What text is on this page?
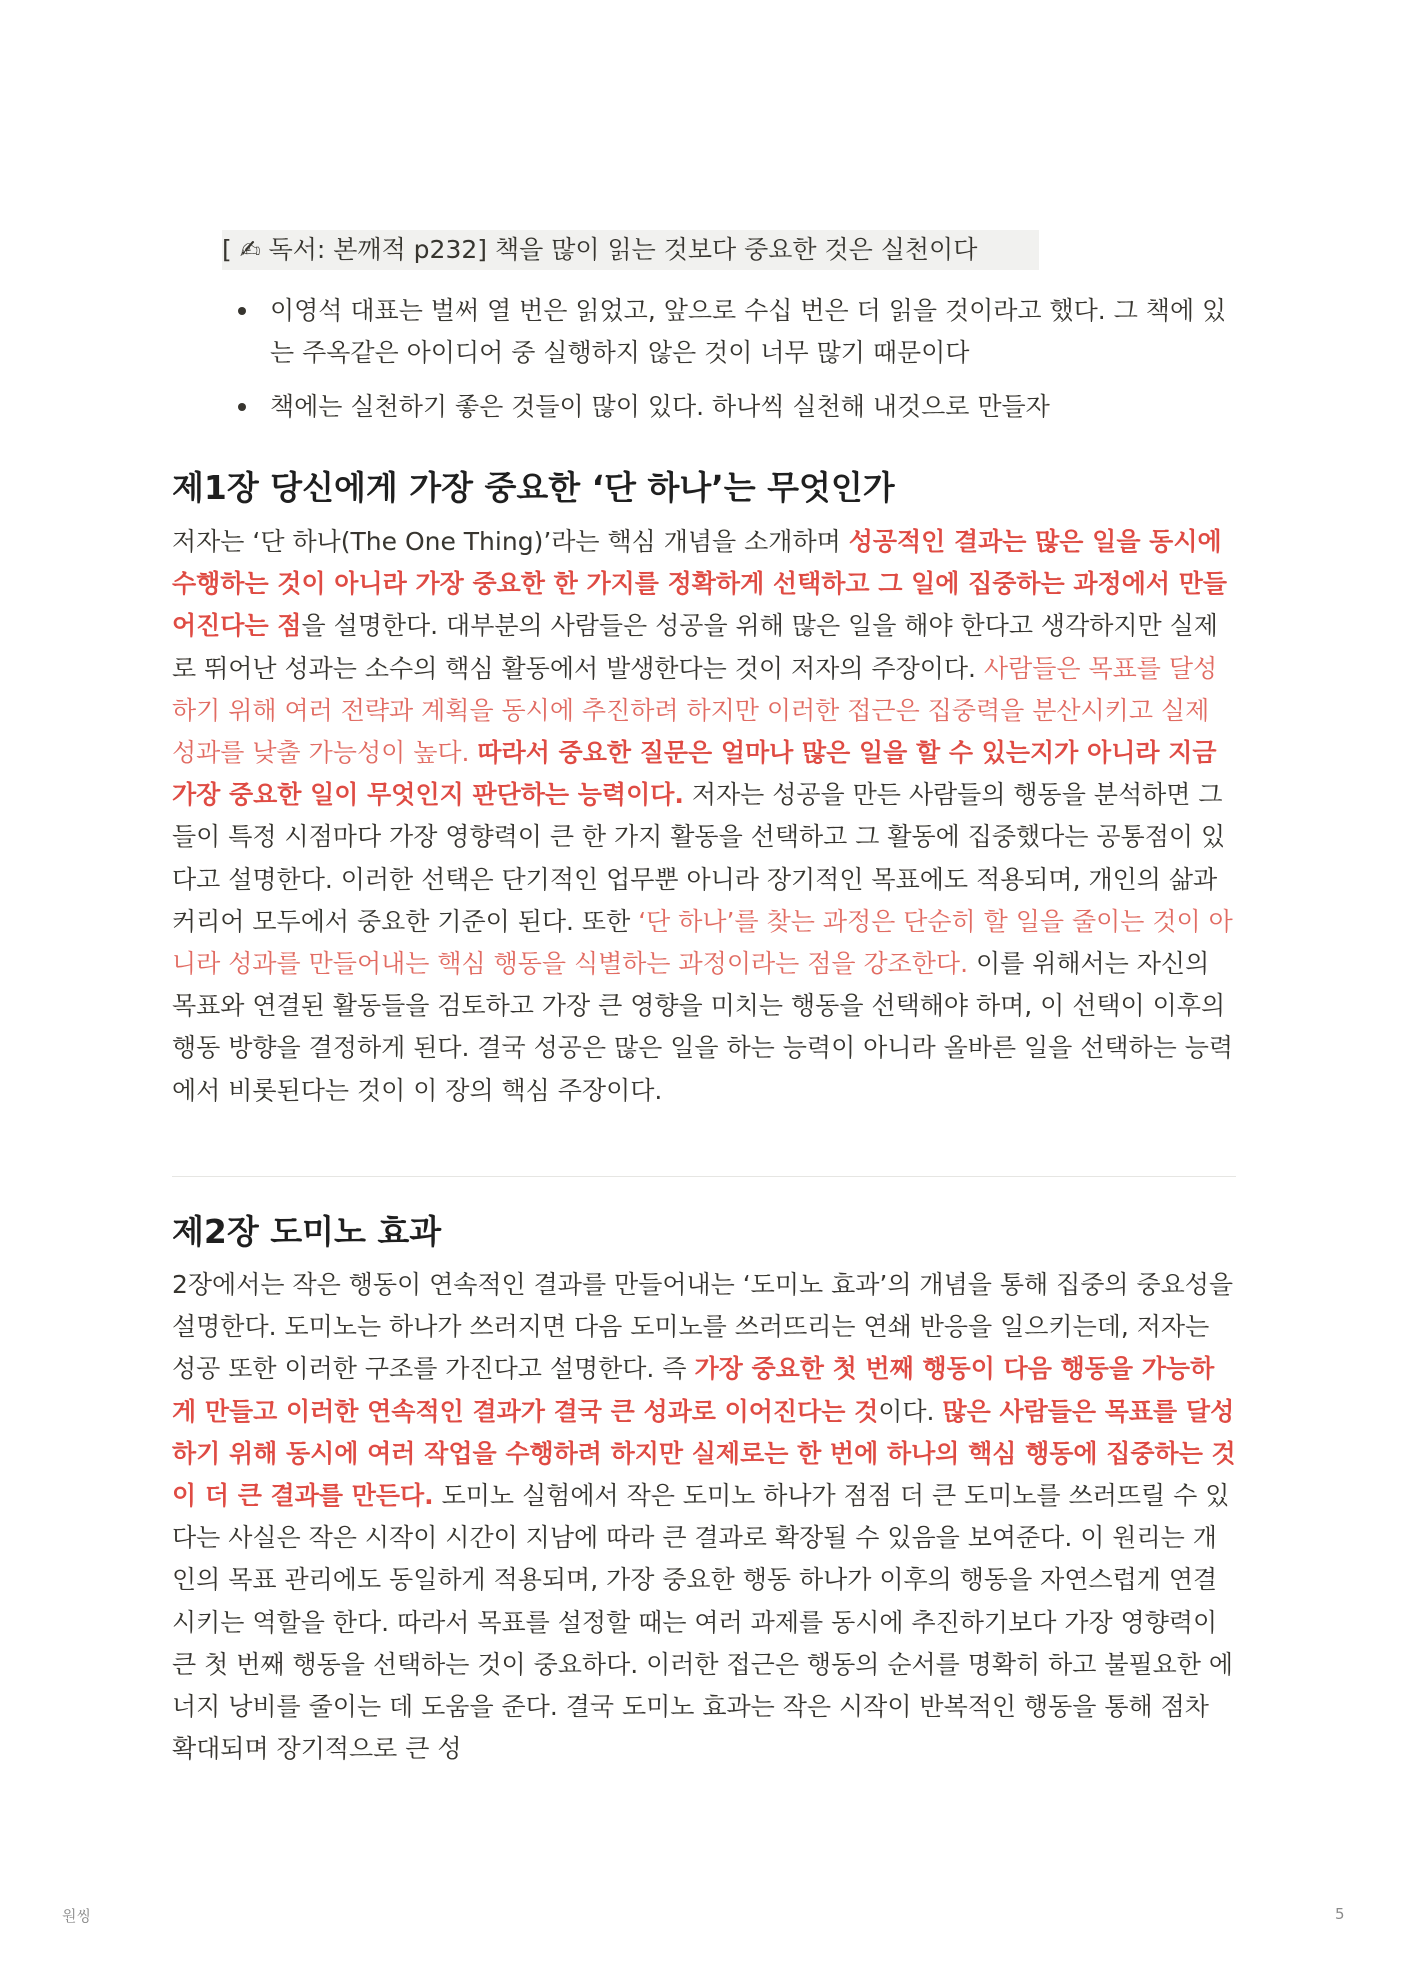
[ ✍ 독서: 본깨적 p232] 책을 많이 읽는 것보다 중요한 것은 실천이다
이영석 대표는 벌써 열 번은 읽었고, 앞으로 수십 번은 더 읽을 것이라고 했다. 그 책에 있는 주옥같은 아이디어 중 실행하지 않은 것이 너무 많기 때문이다
책에는 실천하기 좋은 것들이 많이 있다. 하나씩 실천해 내것으로 만들자
제1장 당신에게 가장 중요한 ‘단 하나’는 무엇인가

저자는 ‘단 하나(The One Thing)’라는 핵심 개념을 소개하며 성공적인 결과는 많은 일을 동시에 수행하는 것이 아니라 가장 중요한 한 가지를 정확하게 선택하고 그 일에 집중하는 과정에서 만들어진다는 점을 설명한다. 대부분의 사람들은 성공을 위해 많은 일을 해야 한다고 생각하지만 실제로 뛰어난 성과는 소수의 핵심 활동에서 발생한다는 것이 저자의 주장이다. 사람들은 목표를 달성하기 위해 여러 전략과 계획을 동시에 추진하려 하지만 이러한 접근은 집중력을 분산시키고 실제 성과를 낮출 가능성이 높다. 따라서 중요한 질문은 얼마나 많은 일을 할 수 있는지가 아니라 지금 가장 중요한 일이 무엇인지 판단하는 능력이다. 저자는 성공을 만든 사람들의 행동을 분석하면 그들이 특정 시점마다 가장 영향력이 큰 한 가지 활동을 선택하고 그 활동에 집중했다는 공통점이 있다고 설명한다. 이러한 선택은 단기적인 업무뿐 아니라 장기적인 목표에도 적용되며, 개인의 삶과 커리어 모두에서 중요한 기준이 된다. 또한 ‘단 하나’를 찾는 과정은 단순히 할 일을 줄이는 것이 아니라 성과를 만들어내는 핵심 행동을 식별하는 과정이라는 점을 강조한다. 이를 위해서는 자신의 목표와 연결된 활동들을 검토하고 가장 큰 영향을 미치는 행동을 선택해야 하며, 이 선택이 이후의 행동 방향을 결정하게 된다. 결국 성공은 많은 일을 하는 능력이 아니라 올바른 일을 선택하는 능력에서 비롯된다는 것이 이 장의 핵심 주장이다.

제2장 도미노 효과

2장에서는 작은 행동이 연속적인 결과를 만들어내는 ‘도미노 효과’의 개념을 통해 집중의 중요성을 설명한다. 도미노는 하나가 쓰러지면 다음 도미노를 쓰러뜨리는 연쇄 반응을 일으키는데, 저자는 성공 또한 이러한 구조를 가진다고 설명한다. 즉 가장 중요한 첫 번째 행동이 다음 행동을 가능하게 만들고 이러한 연속적인 결과가 결국 큰 성과로 이어진다는 것이다. 많은 사람들은 목표를 달성하기 위해 동시에 여러 작업을 수행하려 하지만 실제로는 한 번에 하나의 핵심 행동에 집중하는 것이 더 큰 결과를 만든다. 도미노 실험에서 작은 도미노 하나가 점점 더 큰 도미노를 쓰러뜨릴 수 있다는 사실은 작은 시작이 시간이 지남에 따라 큰 결과로 확장될 수 있음을 보여준다. 이 원리는 개인의 목표 관리에도 동일하게 적용되며, 가장 중요한 행동 하나가 이후의 행동을 자연스럽게 연결시키는 역할을 한다. 따라서 목표를 설정할 때는 여러 과제를 동시에 추진하기보다 가장 영향력이 큰 첫 번째 행동을 선택하는 것이 중요하다. 이러한 접근은 행동의 순서를 명확히 하고 불필요한 에너지 낭비를 줄이는 데 도움을 준다. 결국 도미노 효과는 작은 시작이 반복적인 행동을 통해 점차 확대되며 장기적으로 큰 성

원씽	5
